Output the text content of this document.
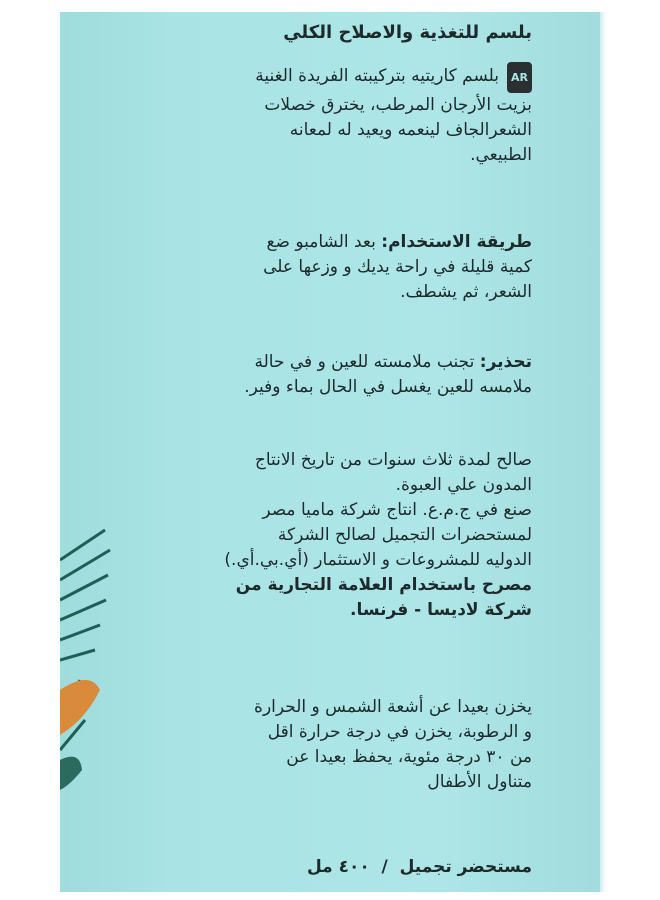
بلسم للتغذية والاصلاح الكلي
ARبلسم كاريتيه بتركيبته الفريدة الغنية
بزيت الأرجان المرطب، يخترق خصلات
الشعرالجاف لينعمه ويعيد له لمعانه
الطبيعي.
طريقة الاستخدام: بعد الشامبو ضع
كمية قليلة في راحة يديك و وزعها على
الشعر، ثم يشطف.
تحذير: تجنب ملامسته للعين و في حالة
ملامسه للعين يغسل في الحال بماء وفير.
صالح لمدة ثلاث سنوات من تاريخ الانتاج
المدون علي العبوة.
صنع في ج.م.ع. انتاج شركة ماميا مصر
لمستحضرات التجميل لصالح الشركة
الدوليه للمشروعات و الاستثمار (أي.بي.أي.)
مصرح باستخدام العلامة التجارية من
شركة لاديسا - فرنسا.
يخزن بعيدا عن أشعة الشمس و الحرارة
و الرطوبة، يخزن في درجة حرارة اقل
من ٣٠ درجة مئوية، يحفظ بعيدا عن
متناول الأطفال
مستحضر تجميل  /  ٤٠٠ مل
